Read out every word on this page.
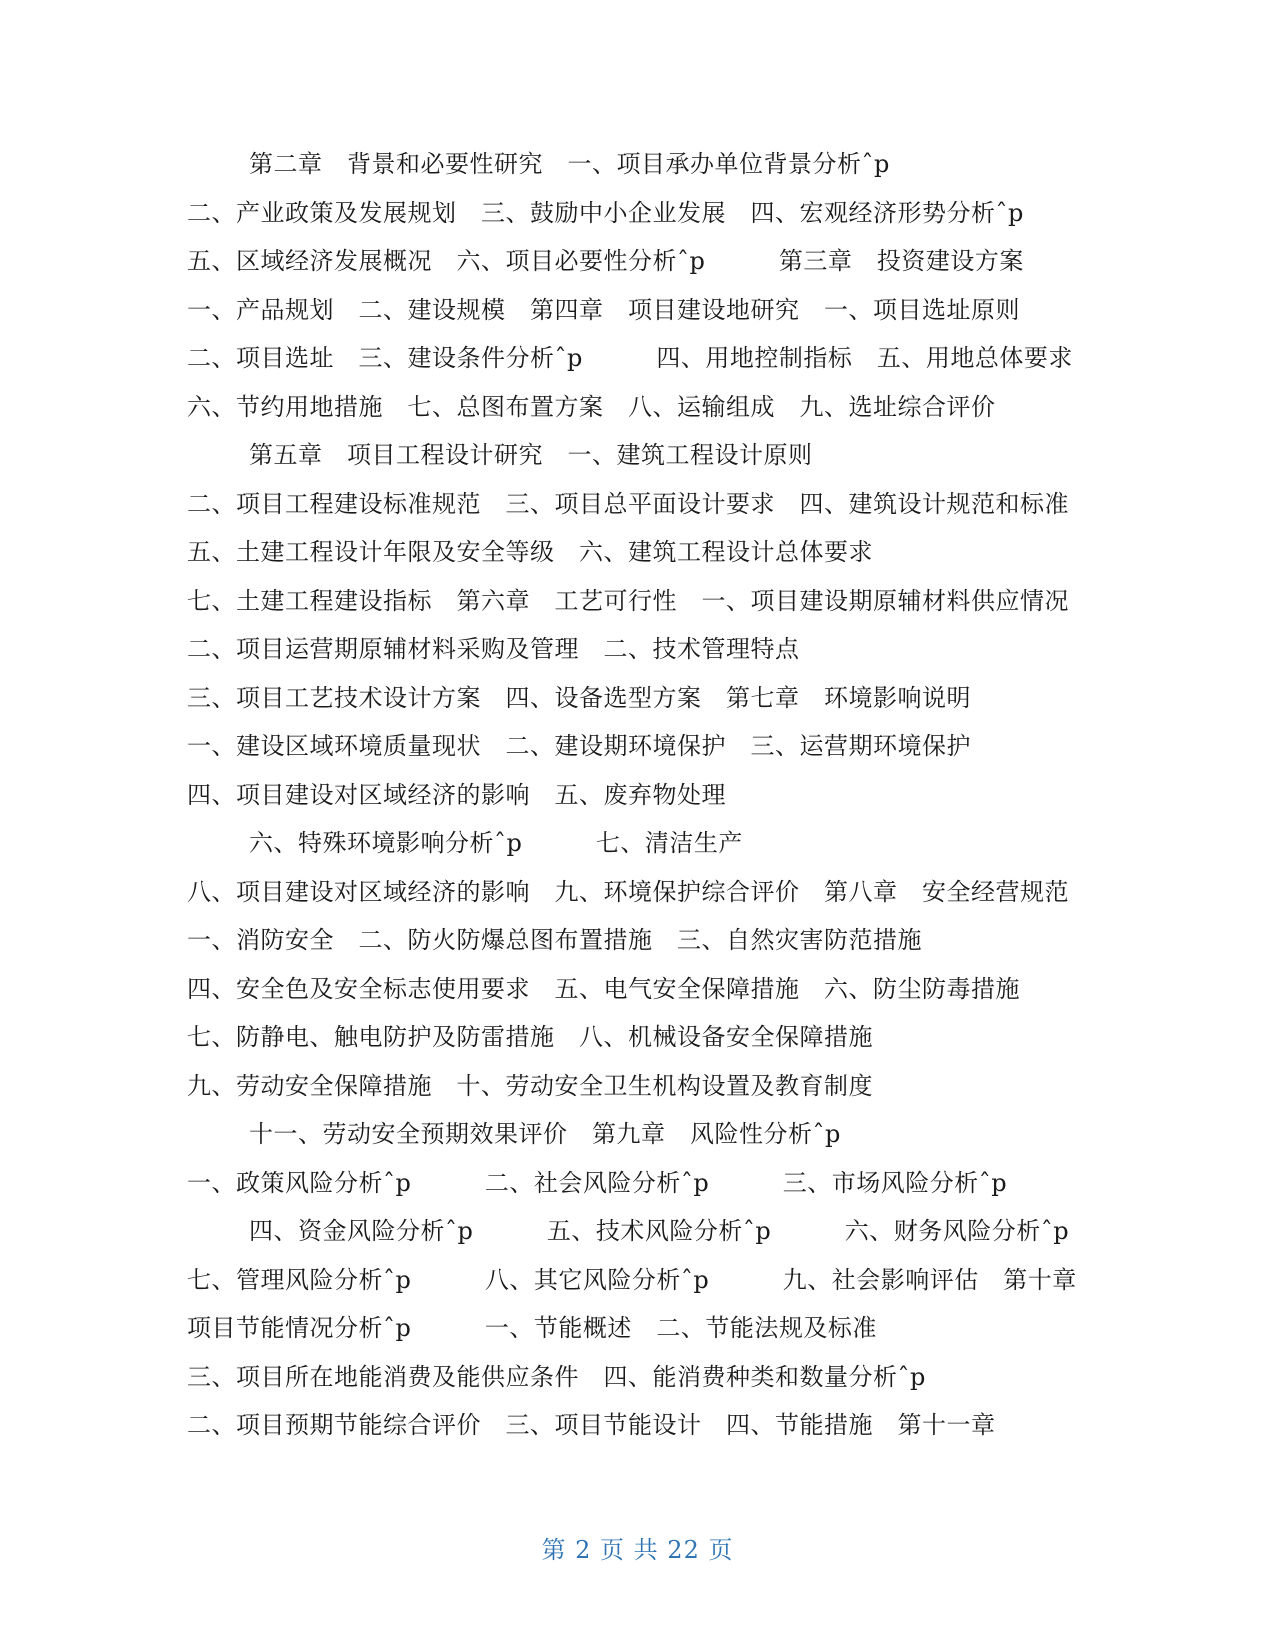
第二章　背景和必要性研究　一、项目承办单位背景分析ˆp
二、产业政策及发展规划　三、鼓励中小企业发展　四、宏观经济形势分析ˆp
五、区域经济发展概况　六、项目必要性分析ˆp　　　第三章　投资建设方案
一、产品规划　二、建设规模　第四章　项目建设地研究　一、项目选址原则
二、项目选址　三、建设条件分析ˆp　　　四、用地控制指标　五、用地总体要求
六、节约用地措施　七、总图布置方案　八、运输组成　九、选址综合评价
第五章　项目工程设计研究　一、建筑工程设计原则
二、项目工程建设标准规范　三、项目总平面设计要求　四、建筑设计规范和标准
五、土建工程设计年限及安全等级　六、建筑工程设计总体要求
七、土建工程建设指标　第六章　工艺可行性　一、项目建设期原辅材料供应情况
二、项目运营期原辅材料采购及管理　二、技术管理特点
三、项目工艺技术设计方案　四、设备选型方案　第七章　环境影响说明
一、建设区域环境质量现状　二、建设期环境保护　三、运营期环境保护
四、项目建设对区域经济的影响　五、废弃物处理
六、特殊环境影响分析ˆp　　　七、清洁生产
八、项目建设对区域经济的影响　九、环境保护综合评价　第八章　安全经营规范
一、消防安全　二、防火防爆总图布置措施　三、自然灾害防范措施
四、安全色及安全标志使用要求　五、电气安全保障措施　六、防尘防毒措施
七、防静电、触电防护及防雷措施　八、机械设备安全保障措施
九、劳动安全保障措施　十、劳动安全卫生机构设置及教育制度
十一、劳动安全预期效果评价　第九章　风险性分析ˆp
一、政策风险分析ˆp　　　二、社会风险分析ˆp　　　三、市场风险分析ˆp
四、资金风险分析ˆp　　　五、技术风险分析ˆp　　　六、财务风险分析ˆp
七、管理风险分析ˆp　　　八、其它风险分析ˆp　　　九、社会影响评估　第十章
项目节能情况分析ˆp　　　一、节能概述　二、节能法规及标准
三、项目所在地能消费及能供应条件　四、能消费种类和数量分析ˆp
二、项目预期节能综合评价　三、项目节能设计　四、节能措施　第十一章
第 2 页 共 22 页
